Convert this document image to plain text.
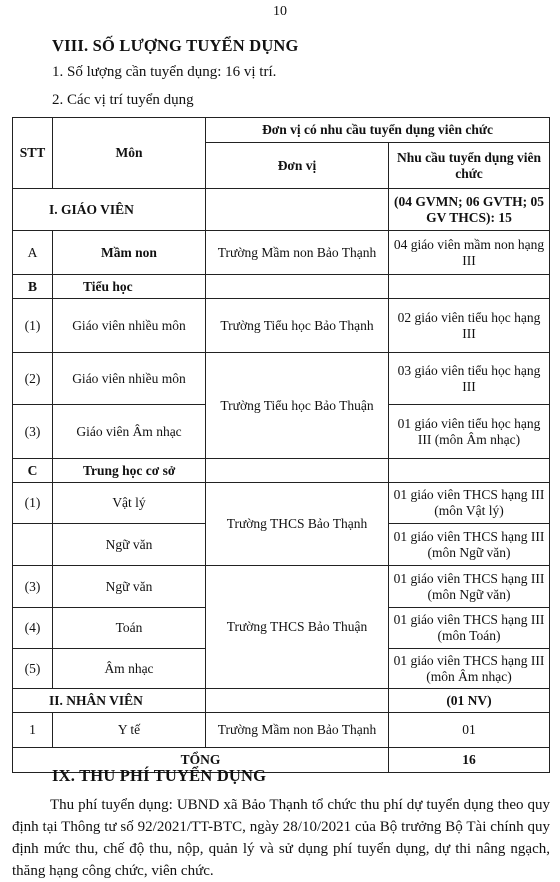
10
VIII. SỐ LƯỢNG TUYỂN DỤNG
1. Số lượng cần tuyển dụng: 16 vị trí.
2. Các vị trí tuyển dụng
STT	Môn	Đơn vị có nhu cầu tuyển dụng viên chức	
		Đơn vị	Nhu cầu tuyển dụng viên chức
I. GIÁO VIÊN			(04 GVMN; 06 GVTH; 05 GV THCS): 15
A	Mầm non	Trường Mầm non Bảo Thạnh	04 giáo viên mầm non hạng III
B	Tiểu học		
(1)	Giáo viên nhiều môn	Trường Tiểu học Bảo Thạnh	02 giáo viên tiểu học hạng III
(2)	Giáo viên nhiều môn	Trường Tiểu học Bảo Thuận	03 giáo viên tiểu học hạng III
(3)	Giáo viên Âm nhạc		01 giáo viên tiểu học hạng III (môn Âm nhạc)
C	Trung học cơ sở		
(1)	Vật lý	Trường THCS Bảo Thạnh	01 giáo viên THCS hạng III (môn Vật lý)
	Ngữ văn		01 giáo viên THCS hạng III (môn Ngữ văn)
(3)	Ngữ văn	Trường THCS Bảo Thuận	01 giáo viên THCS hạng III (môn Ngữ văn)
(4)	Toán		01 giáo viên THCS hạng III (môn Toán)
(5)	Âm nhạc		01 giáo viên THCS hạng III (môn Âm nhạc)
II. NHÂN VIÊN			(01 NV)
1	Y tế	Trường Mầm non Bảo Thạnh	01
TỔNG			16
IX. THU PHÍ TUYỂN DỤNG
Thu phí tuyển dụng: UBND xã Bảo Thạnh tổ chức thu phí dự tuyển dụng theo quy định tại Thông tư số 92/2021/TT-BTC, ngày 28/10/2021 của Bộ trưởng Bộ Tài chính quy định mức thu, chế độ thu, nộp, quản lý và sử dụng phí tuyển dụng, dự thi nâng ngạch, thăng hạng công chức, viên chức.
